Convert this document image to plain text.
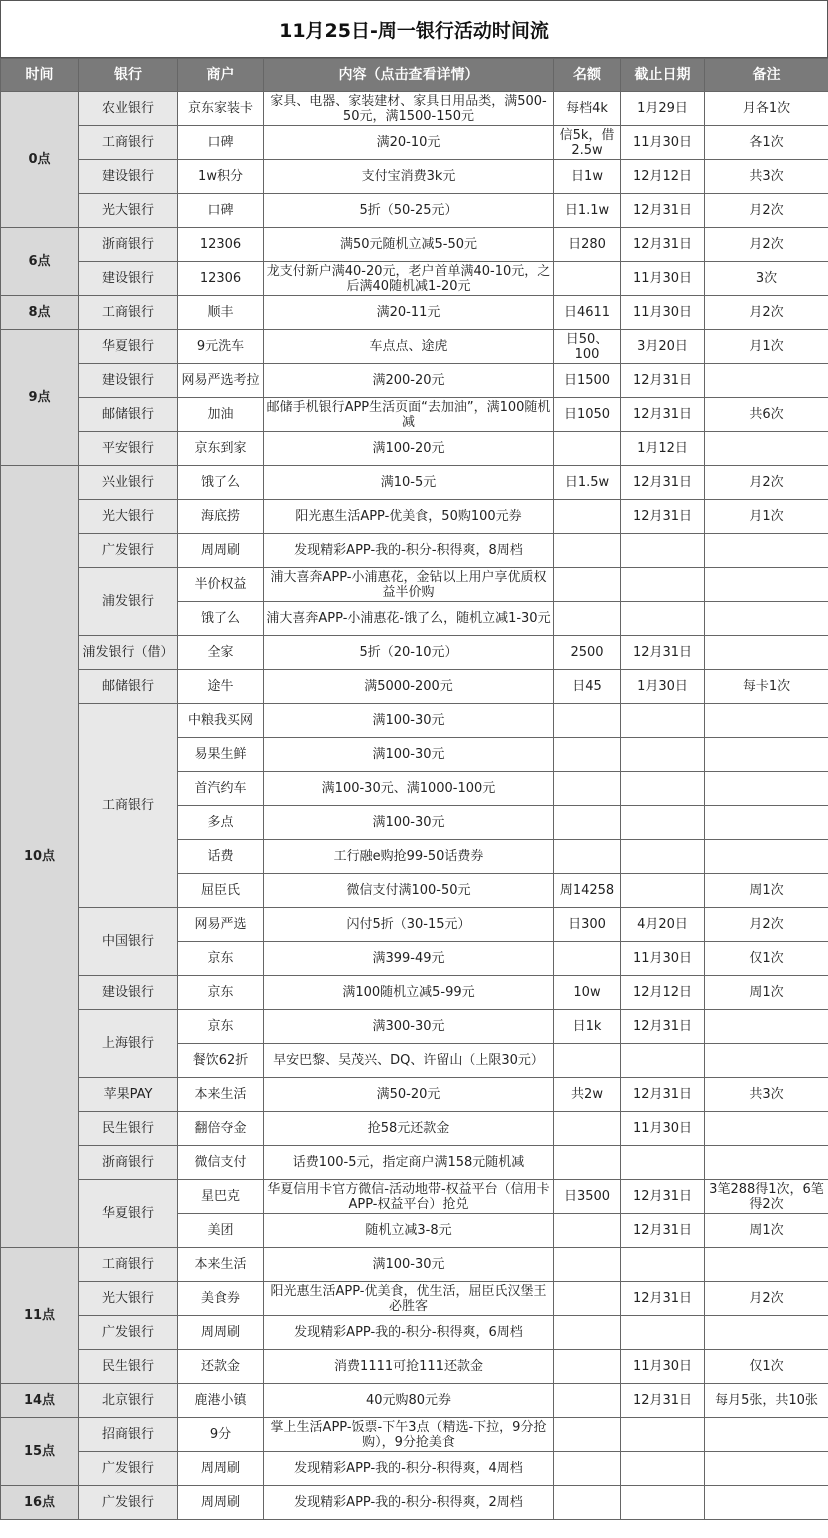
11月25日-周一银行活动时间流
时间	银行	商户	内容（点击查看详情）	名额	截止日期	备注
0点	农业银行	京东家装卡	家具、电器、家装建材、家具日用品类，满500-50元，满1500-150元	每档4k	1月29日	月各1次
	工商银行	口碑	满20-10元	信5k，借2.5w	11月30日	各1次
	建设银行	1w积分	支付宝消费3k元	日1w	12月12日	共3次
	光大银行	口碑	5折（50-25元）	日1.1w	12月31日	月2次
6点	浙商银行	12306	满50元随机立减5-50元	日280	12月31日	月2次
	建设银行	12306	龙支付新户满40-20元，老户首单满40-10元，之后满40随机减1-20元		11月30日	3次
8点	工商银行	顺丰	满20-11元	日4611	11月30日	月2次
9点	华夏银行	9元洗车	车点点、途虎	日50、100	3月20日	月1次
	建设银行	网易严选考拉	满200-20元	日1500	12月31日	
	邮储银行	加油	邮储手机银行APP生活页面“去加油”，满100随机减	日1050	12月31日	共6次
	平安银行	京东到家	满100-20元		1月12日	
10点	兴业银行	饿了么	满10-5元	日1.5w	12月31日	月2次
	光大银行	海底捞	阳光惠生活APP-优美食，50购100元券		12月31日	月1次
	广发银行	周周刷	发现精彩APP-我的-积分-积得爽，8周档			
	浦发银行	半价权益	浦大喜奔APP-小浦惠花，金钻以上用户享优质权益半价购			
		饿了么	浦大喜奔APP-小浦惠花-饿了么，随机立减1-30元			
	浦发银行（借）	全家	5折（20-10元）	2500	12月31日	
	邮储银行	途牛	满5000-200元	日45	1月30日	每卡1次
	工商银行	中粮我买网	满100-30元			
		易果生鲜	满100-30元			
		首汽约车	满100-30元、满1000-100元			
		多点	满100-30元			
		话费	工行融e购抢99-50话费券			
		屈臣氏	微信支付满100-50元	周14258		周1次
	中国银行	网易严选	闪付5折（30-15元）	日300	4月20日	月2次
		京东	满399-49元		11月30日	仅1次
	建设银行	京东	满100随机立减5-99元	10w	12月12日	周1次
	上海银行	京东	满300-30元	日1k	12月31日	
		餐饮62折	早安巴黎、吴茂兴、DQ、许留山（上限30元）			
	苹果PAY	本来生活	满50-20元	共2w	12月31日	共3次
	民生银行	翻倍夺金	抢58元还款金		11月30日	
	浙商银行	微信支付	话费100-5元，指定商户满158元随机减			
	华夏银行	星巴克	华夏信用卡官方微信-活动地带-权益平台（信用卡APP-权益平台）抢兑	日3500	12月31日	3笔288得1次，6笔得2次
		美团	随机立减3-8元		12月31日	周1次
11点	工商银行	本来生活	满100-30元			
	光大银行	美食券	阳光惠生活APP-优美食，优生活，屈臣氏汉堡王必胜客		12月31日	月2次
	广发银行	周周刷	发现精彩APP-我的-积分-积得爽，6周档			
	民生银行	还款金	消费1111可抢111还款金		11月30日	仅1次
14点	北京银行	鹿港小镇	40元购80元券		12月31日	每月5张，共10张
15点	招商银行	9分	掌上生活APP-饭票-下午3点（精选-下拉，9分抢购），9分抢美食			
	广发银行	周周刷	发现精彩APP-我的-积分-积得爽，4周档			
16点	广发银行	周周刷	发现精彩APP-我的-积分-积得爽，2周档			
